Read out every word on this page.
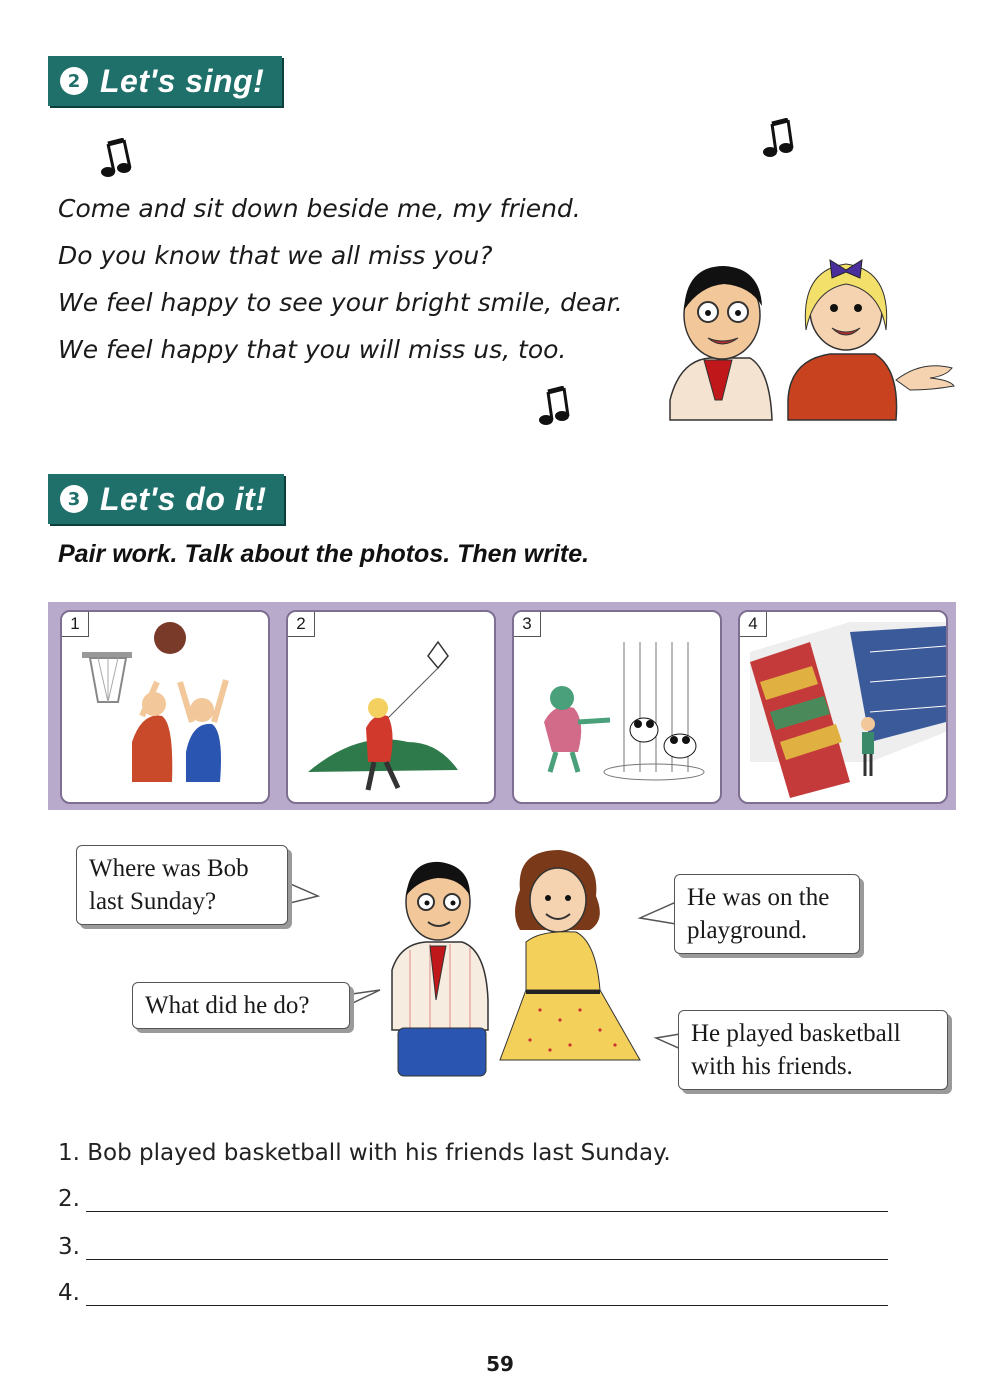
2 Let's sing!
Come and sit down beside me, my friend.
Do you know that we all miss you?
We feel happy to see your bright smile, dear.
We feel happy that you will miss us, too.
3 Let's do it!
Pair work. Talk about the photos. Then write.
1	2	3	4
Where was Bob last Sunday?	He was on the playground.
What did he do?
He played basketball with his friends.
1. Bob played basketball with his friends last Sunday.
2.
3.
4.
59
